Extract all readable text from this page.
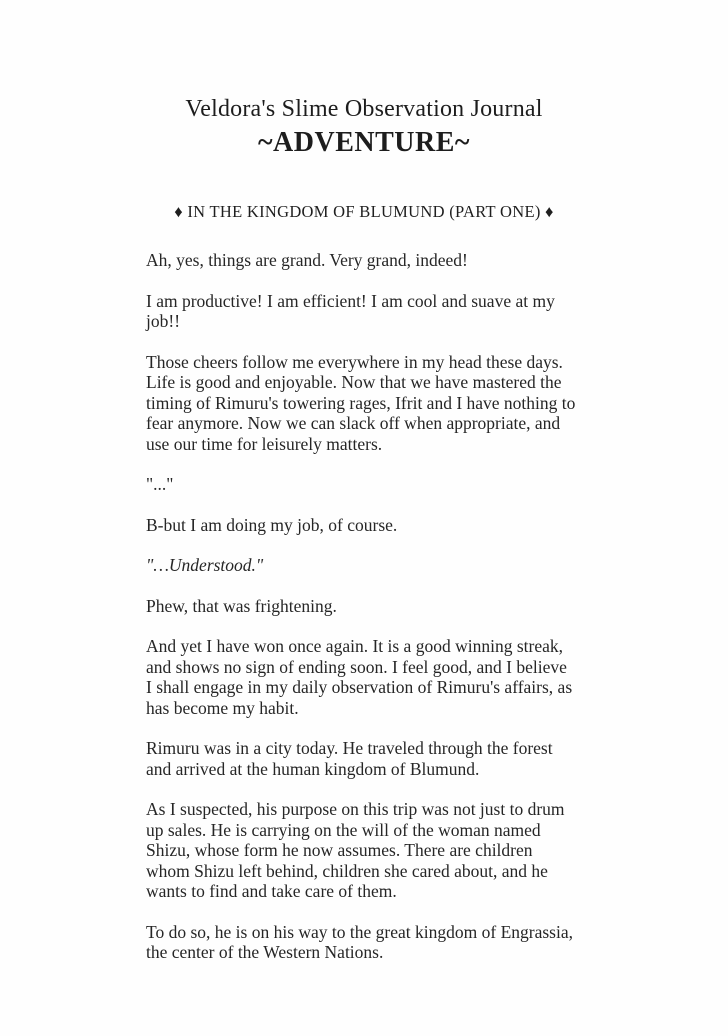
Veldora's Slime Observation Journal
~ADVENTURE~
♦ IN THE KINGDOM OF BLUMUND (PART ONE) ♦
Ah, yes, things are grand. Very grand, indeed!
I am productive! I am efficient! I am cool and suave at my
job!!
Those cheers follow me everywhere in my head these days.
Life is good and enjoyable. Now that we have mastered the
timing of Rimuru's towering rages, Ifrit and I have nothing to
fear anymore. Now we can slack off when appropriate, and
use our time for leisurely matters.
"..."
B-but I am doing my job, of course.
"…Understood."
Phew, that was frightening.
And yet I have won once again. It is a good winning streak,
and shows no sign of ending soon. I feel good, and I believe
I shall engage in my daily observation of Rimuru's affairs, as
has become my habit.
Rimuru was in a city today. He traveled through the forest
and arrived at the human kingdom of Blumund.
As I suspected, his purpose on this trip was not just to drum
up sales. He is carrying on the will of the woman named
Shizu, whose form he now assumes. There are children
whom Shizu left behind, children she cared about, and he
wants to find and take care of them.
To do so, he is on his way to the great kingdom of Engrassia,
the center of the Western Nations.
